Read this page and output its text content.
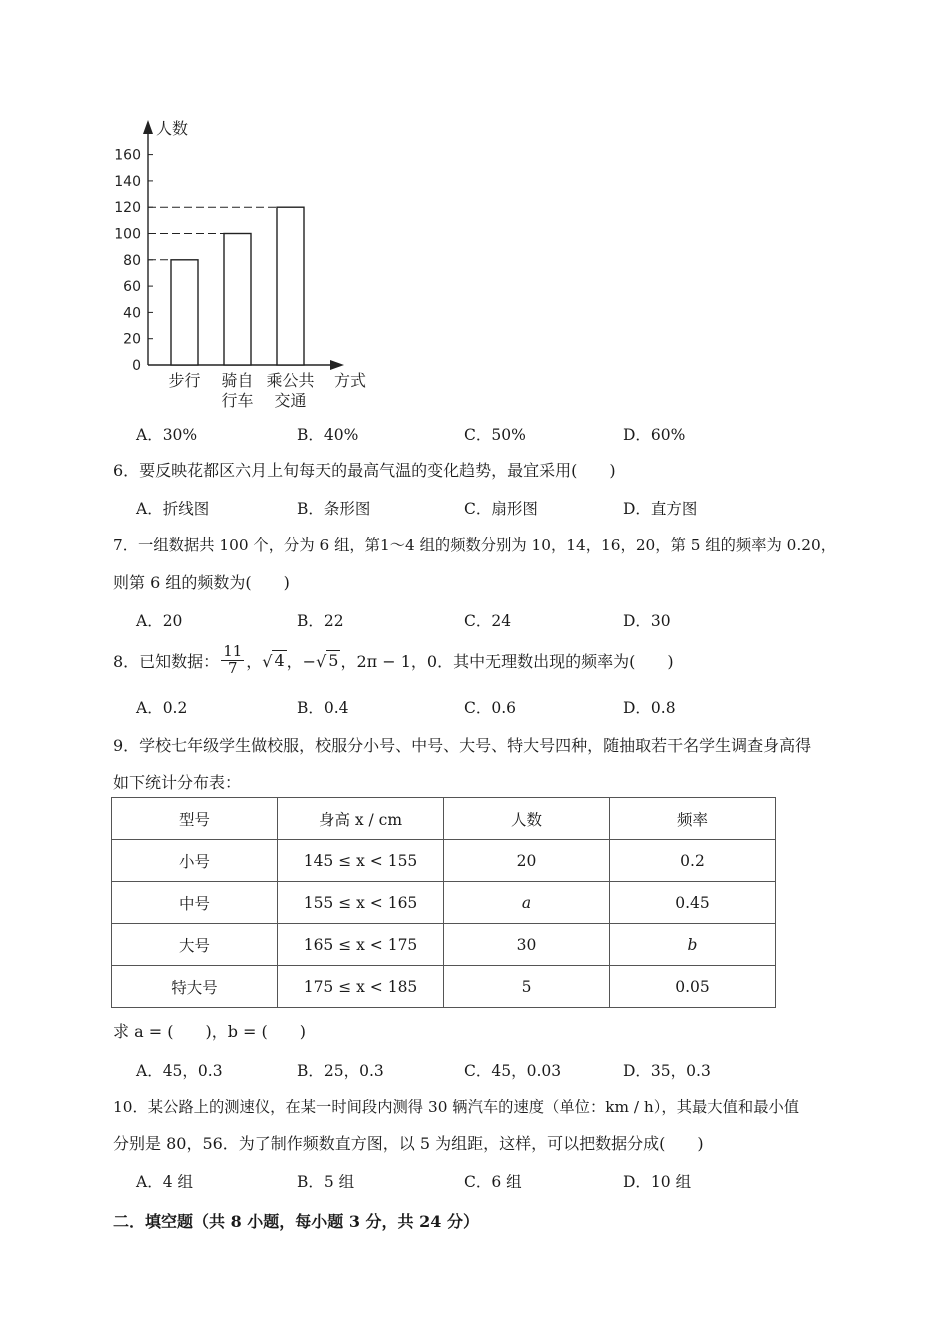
人数
方式
0
20
40
60
80
100
120
140
160
步行 骑自
行车
乘公共
交通
A．30%	B．40%	C．50%	D．60%
6．要反映花都区六月上旬每天的最高气温的变化趋势，最宜采用(　　)
A．折线图	B．条形图	C．扇形图	D．直方图
7．一组数据共 100 个，分为 6 组，第1～4 组的频数分别为 10，14，16，20，第 5 组的频率为 0.20，
则第 6 组的频数为(　　)
A．20	B．22	C．24	D．30
8．已知数据： $\frac{11}{7}$ ，√ 4 ，−√ 5 ，2π − 1，0．其中无理数出现的频率为(　　)
A．0.2	B．0.4	C．0.6	D．0.8
9．学校七年级学生做校服，校服分小号、中号、大号、特大号四种，随抽取若干名学生调查身高得
如下统计分布表：
型号	身高 x / cm	人数	频率
小号	145 ≤ x < 155	20	0.2
中号	155 ≤ x < 165	a	0.45
大号	165 ≤ x < 175	30	b
特大号	175 ≤ x < 185	5	0.05
求 a = (　　)，b = (　　)
A．45，0.3	B．25，0.3	C．45，0.03	D．35，0.3
10．某公路上的测速仪，在某一时间段内测得 30 辆汽车的速度（单位：km / h），其最大值和最小值
分别是 80，56．为了制作频数直方图，以 5 为组距，这样，可以把数据分成(　　)
A．4 组	B．5 组	C．6 组	D．10 组
二．填空题（共 8 小题，每小题 3 分，共 24 分）
